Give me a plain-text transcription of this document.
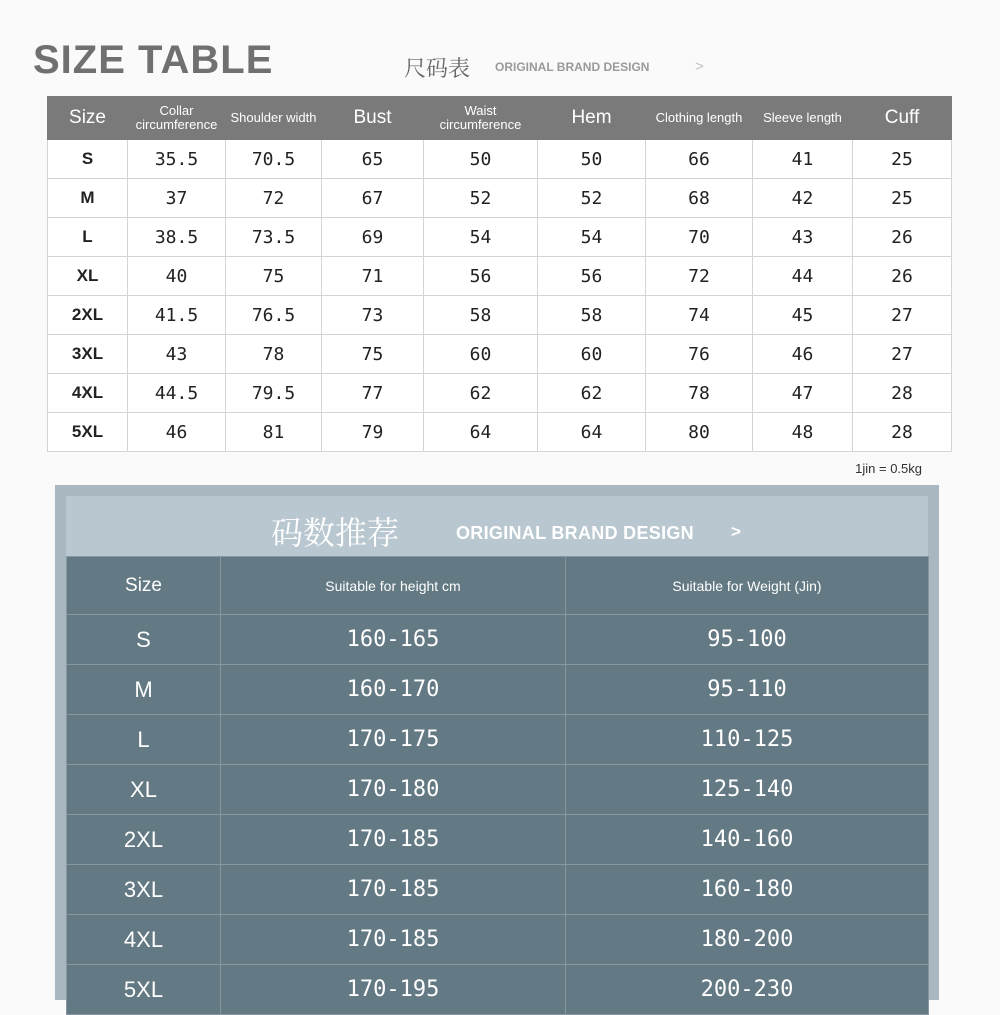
SIZE TABLE	尺码表 ORIGINAL BRAND DESIGN	>
Size	Collar circumference	Shoulder width	Bust	Waist circumference	Hem	Clothing length	Sleeve length	Cuff
S	35.5	70.5	65	50	50	66	41	25
M	37	72	67	52	52	68	42	25
L	38.5	73.5	69	54	54	70	43	26
XL	40	75	71	56	56	72	44	26
2XL	41.5	76.5	73	58	58	74	45	27
3XL	43	78	75	60	60	76	46	27
4XL	44.5	79.5	77	62	62	78	47	28
5XL	46	81	79	64	64	80	48	28
1jin = 0.5kg
码数推荐	ORIGINAL BRAND DESIGN >
Size	Suitable for height cm	Suitable for Weight (Jin)
S	160-165	95-100
M	160-170	95-110
L	170-175	110-125
XL	170-180	125-140
2XL	170-185	140-160
3XL	170-185	160-180
4XL	170-185	180-200
5XL	170-195	200-230
